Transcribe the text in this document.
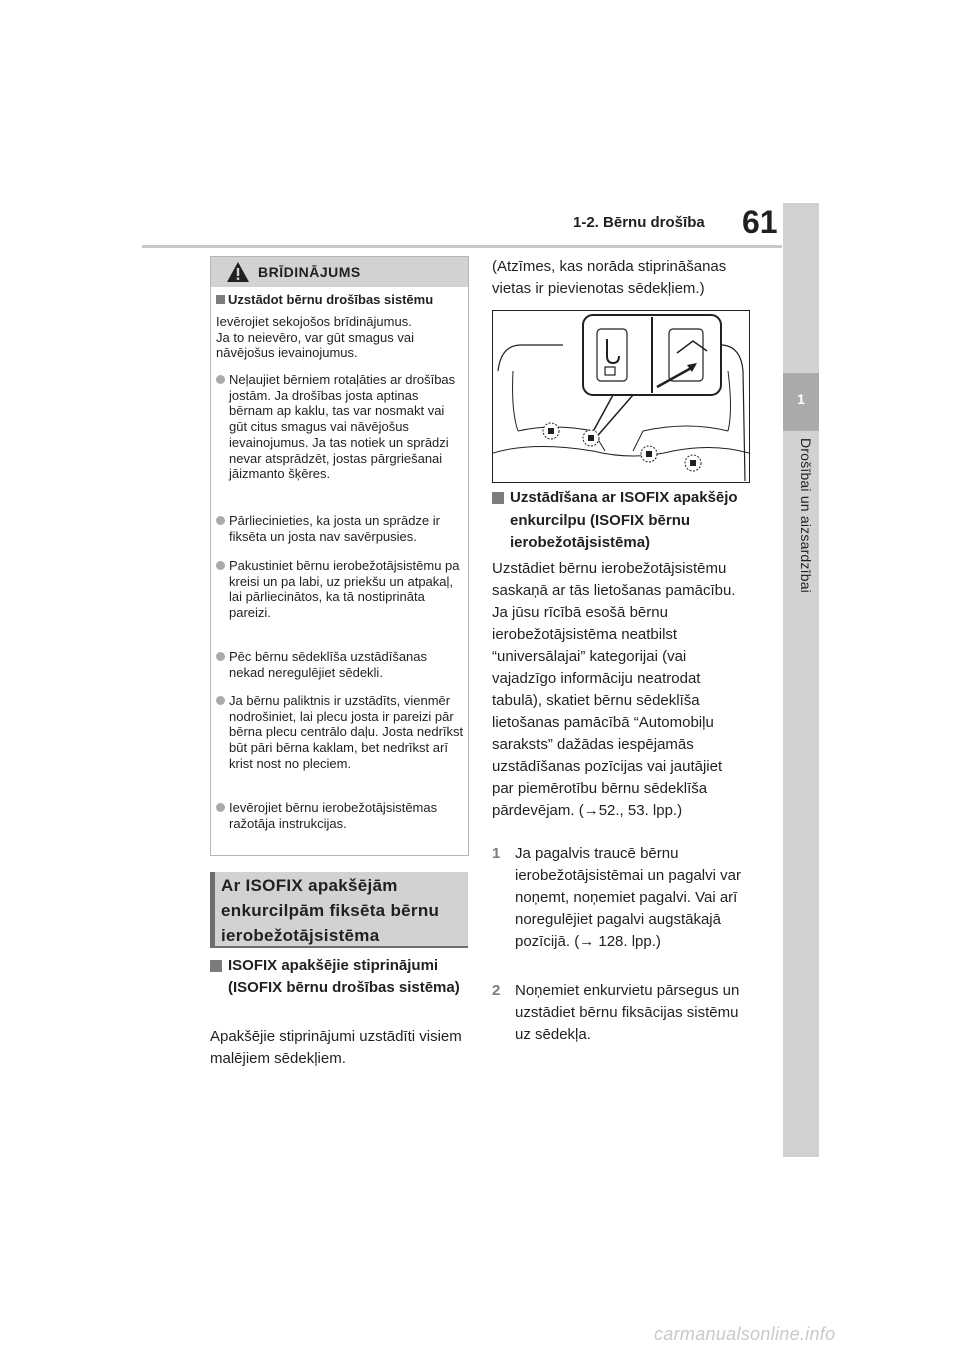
1-2. Bērnu drošība 61
1
Drošībai un aizsardzībai
BRĪDINĀJUMS
Uzstādot bērnu drošības sistēmu
Ievērojiet sekojošos brīdinājumus.
Ja to neievēro, var gūt smagus vai nāvējošus ievainojumus.
Neļaujiet bērniem rotaļāties ar drošības jostām. Ja drošības josta aptinas bērnam ap kaklu, tas var nosmakt vai gūt citus smagus vai nāvējošus ievainojumus. Ja tas notiek un sprādzi nevar atsprādzēt, jostas pārgriešanai jāizmanto šķēres.
Pārliecinieties, ka josta un sprādze ir fiksēta un josta nav savērpusies.
Pakustiniet bērnu ierobežotājsistēmu pa kreisi un pa labi, uz priekšu un atpakaļ, lai pārliecinātos, ka tā nostiprināta pareizi.
Pēc bērnu sēdeklīša uzstādīšanas nekad neregulējiet sēdekli.
Ja bērnu paliktnis ir uzstādīts, vienmēr nodrošiniet, lai plecu josta ir pareizi pār bērna plecu centrālo daļu. Josta nedrīkst būt pāri bērna kaklam, bet nedrīkst arī krist nost no pleciem.
Ievērojiet bērnu ierobežotājsistēmas ražotāja instrukcijas.
Ar ISOFIX apakšējām enkurcilpām fiksēta bērnu ierobežotājsistēma
ISOFIX apakšējie stiprinājumi (ISOFIX bērnu drošības sistēma)
Apakšējie stiprinājumi uzstādīti visiem malējiem sēdekļiem.
(Atzīmes, kas norāda stiprināšanas vietas ir pievienotas sēdekļiem.)
Uzstādīšana ar ISOFIX apakšējo enkurcilpu (ISOFIX bērnu ierobežotājsistēma)
Uzstādiet bērnu ierobežotājsistēmu saskaņā ar tās lietošanas pamācību.
Ja jūsu rīcībā esošā bērnu ierobežotājsistēma neatbilst “universālajai” kategorijai (vai vajadzīgo informāciju neatrodat tabulā), skatiet bērnu sēdeklīša lietošanas pamācībā “Automobiļu saraksts” dažādas iespējamās uzstādīšanas pozīcijas vai jautājiet par piemērotību bērnu sēdeklīša pārdevējam. (→52., 53. lpp.)
1 Ja pagalvis traucē bērnu ierobežotājsistēmai un pagalvi var noņemt, noņemiet pagalvi. Vai arī noregulējiet pagalvi augstākajā pozīcijā. (→ 128. lpp.)
2 Noņemiet enkurvietu pārsegus un uzstādiet bērnu fiksācijas sistēmu uz sēdekļa.
carmanualsonline.info
